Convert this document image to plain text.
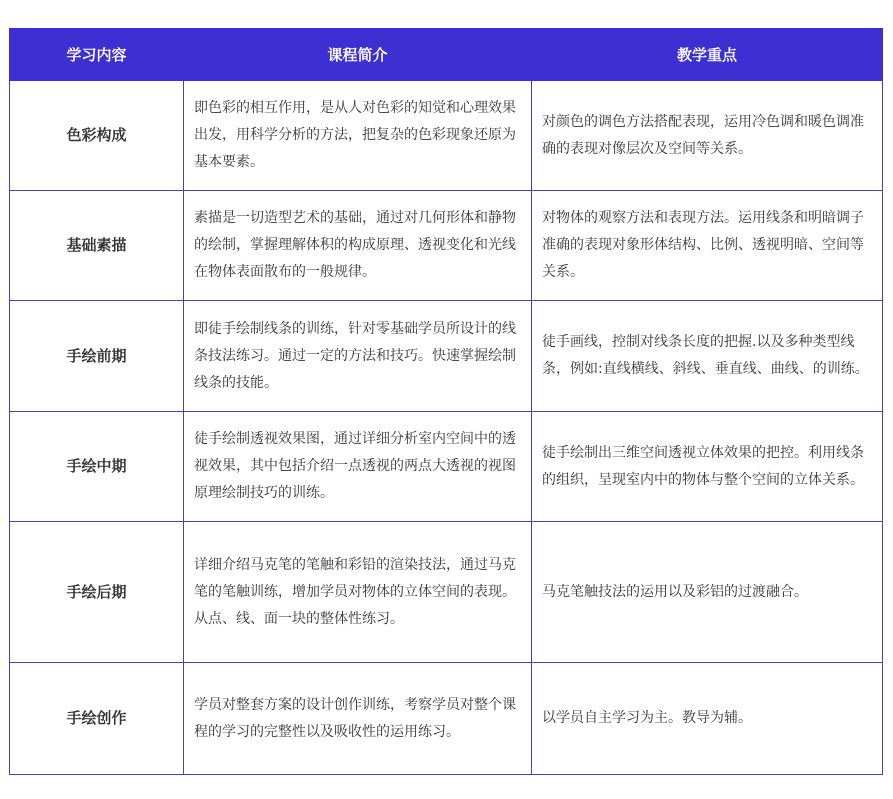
学习内容	课程简介	教学重点
色彩构成	即色彩的相互作用，是从人对色彩的知觉和心理效果出发，用科学分析的方法，把复杂的色彩现象还原为基本要素。	对颜色的调色方法搭配表现，运用冷色调和暖色调准确的表现对像层次及空间等关系。
基础素描	素描是一切造型艺术的基础，通过对几何形体和静物的绘制，掌握理解体积的构成原理、透视变化和光线在物体表面散布的一般规律。	对物体的观察方法和表现方法。运用线条和明暗调子准确的表现对象形体结构、比例、透视明暗、空间等关系。
手绘前期	即徒手绘制线条的训练，针对零基础学员所设计的线条技法练习。通过一定的方法和技巧。快速掌握绘制线条的技能。	徒手画线，控制对线条长度的把握.以及多种类型线条，例如:直线横线、斜线、垂直线、曲线、的训练。
手绘中期	徒手绘制透视效果图，通过详细分析室内空间中的透视效果，其中包括介绍一点透视的两点大透视的视图原理绘制技巧的训练。	徒手绘制出三维空间透视立体效果的把控。利用线条的组织，呈现室内中的物体与整个空间的立体关系。
手绘后期	详细介绍马克笔的笔触和彩铅的渲染技法，通过马克笔的笔触训练，增加学员对物体的立体空间的表现。从点、线、面一块的整体性练习。	马克笔触技法的运用以及彩铝的过渡融合。
手绘创作	学员对整套方案的设计创作训练，考察学员对整个课程的学习的完整性以及吸收性的运用练习。	以学员自主学习为主。教导为辅。
